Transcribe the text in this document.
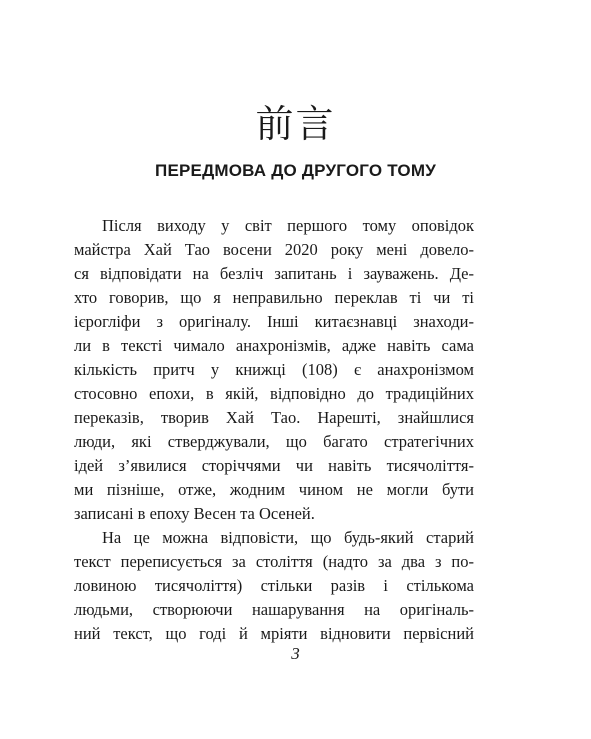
前言
ПЕРЕДМОВА ДО ДРУГОГО ТОМУ
Після виходу у світ першого тому оповідок
майстра Хай Тао восени 2020 року мені довело-
ся відповідати на безліч запитань і зауважень. Де-
хто говорив, що я неправильно переклав ті чи ті
ієрогліфи з оригіналу. Інші китаєзнавці знаходи-
ли в тексті чимало анахронізмів, адже навіть сама
кількість притч у книжці (108) є анахронізмом
стосовно епохи, в якій, відповідно до традиційних
переказів, творив Хай Тао. Нарешті, знайшлися
люди, які стверджували, що багато стратегічних
ідей з’явилися сторіччями чи навіть тисячоліття-
ми пізніше, отже, жодним чином не могли бути
записані в епоху Весен та Осеней.
На це можна відповісти, що будь-який старий
текст переписується за століття (надто за два з по-
ловиною тисячоліття) стільки разів і стількома
людьми, створюючи нашарування на оригіналь-
ний текст, що годі й мріяти відновити первісний
3
